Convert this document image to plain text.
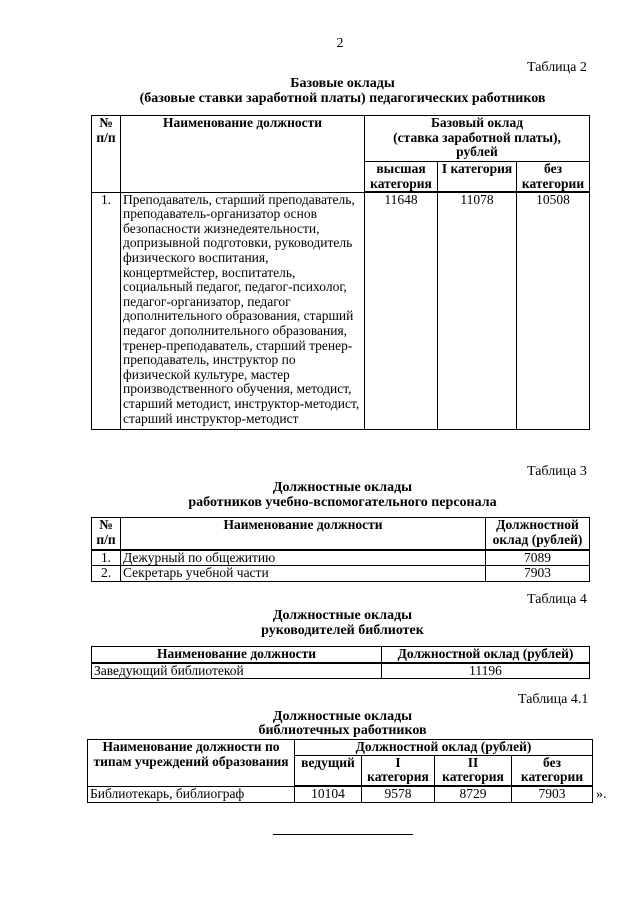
2
Таблица 2
Базовые оклады
(базовые ставки заработной платы) педагогических работников
№ п/п	Наименование должности	Базовый оклад
(ставка заработной платы),
рублей		

		высшая категория	I категория	без категории
1.	Преподаватель, старший преподаватель, преподаватель-организатор основ безопасности жизнедеятельности, допризывной подготовки, руководитель физического воспитания, концертмейстер, воспитатель, социальный педагог, педагог-психолог, педагог-организатор, педагог дополнительного образования, старший педагог дополнительного образования, тренер-преподаватель, старший тренер-преподаватель, инструктор по физической культуре, мастер производственного обучения, методист, старший методист, инструктор-методист, старший инструктор-методист	11648	11078	10508
Таблица 3
Должностные оклады
работников учебно-вспомогательного персонала
№ п/п	Наименование должности	Должностной оклад (рублей)
1.	Дежурный по общежитию	7089
2.	Секретарь учебной части	7903
Таблица 4
Должностные оклады
руководителей библиотек
Наименование должности	Должностной оклад (рублей)
Заведующий библиотекой	11196
Таблица 4.1
Должностные оклады
библиотечных работников
Наименование должности по типам учреждений образования	Должностной оклад (рублей)			
	ведущий	I категория	II категория	без категории
Библиотекарь, библиограф	10104	9578	8729	7903 ».
